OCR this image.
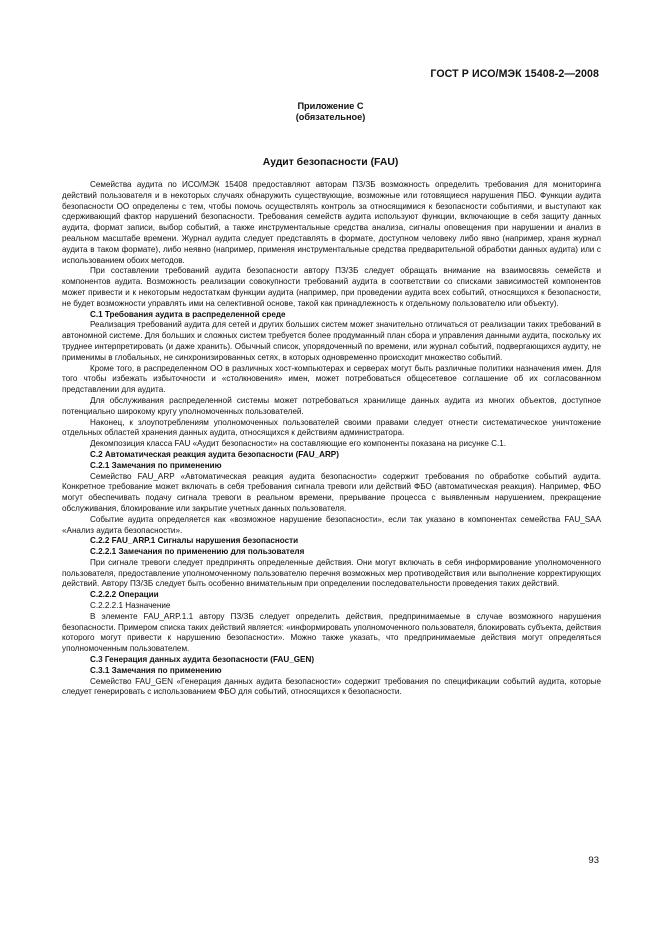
ГОСТ Р ИСО/МЭК 15408-2—2008
Приложение С
(обязательное)
Аудит безопасности (FAU)

Семейства аудита по ИСО/МЭК 15408 предоставляют авторам ПЗ/ЗБ возможность определить требования для мониторинга действий пользователя и в некоторых случаях обнаружить существующие, возможные или готовящиеся нарушения ПБО. Функции аудита безопасности ОО определены с тем, чтобы помочь осуществлять контроль за относящимися к безопасности событиями, и выступают как сдерживающий фактор нарушений безопасности. Требования семейств аудита используют функции, включающие в себя защиту данных аудита, формат записи, выбор событий, а также инструментальные средства анализа, сигналы оповещения при нарушении и анализ в реальном масштабе времени. Журнал аудита следует представлять в формате, доступном человеку либо явно (например, храня журнал аудита в таком формате), либо неявно (например, применяя инструментальные средства предварительной обработки данных аудита) или с использованием обоих методов.

При составлении требований аудита безопасности автору ПЗ/ЗБ следует обращать внимание на взаимосвязь семейств и компонентов аудита. Возможность реализации совокупности требований аудита в соответствии со списками зависимостей компонентов может привести и к некоторым недостаткам функции аудита (например, при проведении аудита всех событий, относящихся к безопасности, не будет возможности управлять ими на селективной основе, такой как принадлежность к отдельному пользователю или объекту).

С.1 Требования аудита в распределенной среде

Реализация требований аудита для сетей и других больших систем может значительно отличаться от реализации таких требований в автономной системе. Для больших и сложных систем требуется более продуманный план сбора и управления данными аудита, поскольку их труднее интерпретировать (и даже хранить). Обычный список, упорядоченный по времени, или журнал событий, подвергающихся аудиту, не применимы в глобальных, не синхронизированных сетях, в которых одновременно происходит множество событий.

Кроме того, в распределенном ОО в различных хост-компьютерах и серверах могут быть различные политики назначения имен. Для того чтобы избежать избыточности и «столкновения» имен, может потребоваться общесетевое соглашение об их согласованном представлении для аудита.

Для обслуживания распределенной системы может потребоваться хранилище данных аудита из многих объектов, доступное потенциально широкому кругу уполномоченных пользователей.

Наконец, к злоупотреблениям уполномоченных пользователей своими правами следует отнести систематическое уничтожение отдельных областей хранения данных аудита, относящихся к действиям администратора.

Декомпозиция класса FAU «Аудит безопасности» на составляющие его компоненты показана на рисунке С.1.

С.2 Автоматическая реакция аудита безопасности (FAU_ARP)

С.2.1 Замечания по применению

Семейство FAU_ARP «Автоматическая реакция аудита безопасности» содержит требования по обработке событий аудита. Конкретное требование может включать в себя требования сигнала тревоги или действий ФБО (автоматическая реакция). Например, ФБО могут обеспечивать подачу сигнала тревоги в реальном времени, прерывание процесса с выявленным нарушением, прекращение обслуживания, блокирование или закрытие учетных данных пользователя.

Событие аудита определяется как «возможное нарушение безопасности», если так указано в компонентах семейства FAU_SAA «Анализ аудита безопасности».

С.2.2 FAU_ARP.1 Сигналы нарушения безопасности

С.2.2.1 Замечания по применению для пользователя

При сигнале тревоги следует предпринять определенные действия. Они могут включать в себя информирование уполномоченного пользователя, предоставление уполномоченному пользователю перечня возможных мер противодействия или выполнение корректирующих действий. Автору ПЗ/ЗБ следует быть особенно внимательным при определении последовательности проведения таких действий.

С.2.2.2 Операции

С.2.2.2.1 Назначение

В элементе FAU_ARP.1.1 автору ПЗ/ЗБ следует определить действия, предпринимаемые в случае возможного нарушения безопасности. Примером списка таких действий является: «информировать уполномоченного пользователя, блокировать субъекта, действия которого могут привести к нарушению безопасности». Можно также указать, что предпринимаемые действия могут определяться уполномоченным пользователем.

С.3 Генерация данных аудита безопасности (FAU_GEN)

С.3.1 Замечания по применению

Семейство FAU_GEN «Генерация данных аудита безопасности» содержит требования по спецификации событий аудита, которые следует генерировать с использованием ФБО для событий, относящихся к безопасности.

93
